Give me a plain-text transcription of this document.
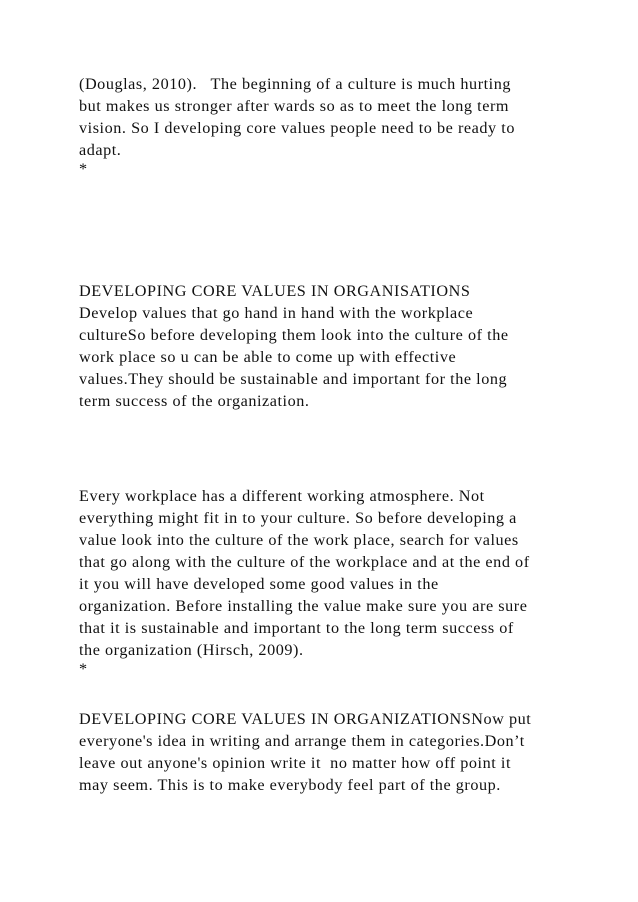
(Douglas, 2010).   The beginning of a culture is much hurting
but makes us stronger after wards so as to meet the long term
vision. So I developing core values people need to be ready to
adapt.
*
DEVELOPING CORE VALUES IN ORGANISATIONS
Develop values that go hand in hand with the workplace
cultureSo before developing them look into the culture of the
work place so u can be able to come up with effective
values.They should be sustainable and important for the long
term success of the organization.
Every workplace has a different working atmosphere. Not
everything might fit in to your culture. So before developing a
value look into the culture of the work place, search for values
that go along with the culture of the workplace and at the end of
it you will have developed some good values in the
organization. Before installing the value make sure you are sure
that it is sustainable and important to the long term success of
the organization (Hirsch, 2009).
*
DEVELOPING CORE VALUES IN ORGANIZATIONSNow put
everyone's idea in writing and arrange them in categories.Don’t
leave out anyone's opinion write it  no matter how off point it
may seem. This is to make everybody feel part of the group.
